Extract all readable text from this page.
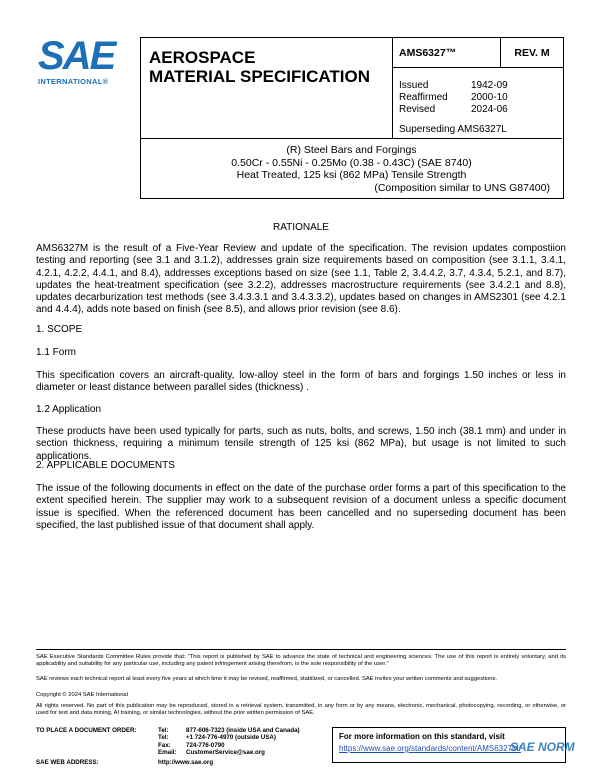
SAE
INTERNATIONAL®
AEROSPACE
MATERIAL SPECIFICATION
AMS6327™	REV. M
Issued	1942-09
Reaffirmed	2000-10
Revised	2024-06
Superseding AMS6327L
(R) Steel Bars and Forgings
0.50Cr - 0.55Ni - 0.25Mo (0.38 - 0.43C) (SAE 8740)
Heat Treated, 125 ksi (862 MPa) Tensile Strength
(Composition similar to UNS G87400)
RATIONALE
AMS6327M is the result of a Five-Year Review and update of the specification. The revision updates compostiion testing and reporting (see 3.1 and 3.1.2), addresses grain size requirements based on composition (see 3.1.1, 3.4.1, 4.2.1, 4.2.2, 4.4.1, and 8.4), addresses exceptions based on size (see 1.1, Table 2, 3.4.4.2, 3.7, 4.3.4, 5.2.1, and 8.7), updates the heat-treatment specification (see 3.2.2), addresses macrostructure requirements (see 3.4.2.1 and 8.8), updates decarburization test methods (see 3.4.3.3.1 and 3.4.3.3.2), updates based on changes in AMS2301 (see 4.2.1 and 4.4.4), adds note based on finish (see 8.5), and allows prior revision (see 8.6).
1. SCOPE
1.1 Form
This specification covers an aircraft-quality, low-alloy steel in the form of bars and forgings 1.50 inches or less in diameter or least distance between parallel sides (thickness) .
1.2 Application
These products have been used typically for parts, such as nuts, bolts, and screws, 1.50 inch (38.1 mm) and under in section thickness, requiring a minimum tensile strength of 125 ksi (862 MPa), but usage is not limited to such applications.
2. APPLICABLE DOCUMENTS
The issue of the following documents in effect on the date of the purchase order forms a part of this specification to the extent specified herein. The supplier may work to a subsequent revision of a document unless a specific document issue is specified. When the referenced document has been cancelled and no superseding document has been specified, the last published issue of that document shall apply.
SAE Executive Standards Committee Rules provide that: “This report is published by SAE to advance the state of technical and engineering sciences. The use of this report is entirely voluntary, and its applicability and suitability for any particular use, including any patent infringement arising therefrom, is the sole responsibility of the user.”
SAE reviews each technical report at least every five years at which time it may be revised, reaffirmed, stabilized, or cancelled. SAE invites your written comments and suggestions.
Copyright © 2024 SAE International
All rights reserved. No part of this publication may be reproduced, stored in a retrieval system, transmitted, in any form or by any means, electronic, mechanical, photocopying, recording, or otherwise, or used for text and data mining, AI training, or similar technologies, without the prior written permission of SAE.
TO PLACE A DOCUMENT ORDER:	Tel:	877-606-7323 (inside USA and Canada)
Tel:	+1 724-776-4970 (outside USA)
Fax:	724-776-0790
Email:	CustomerService@sae.org
SAE WEB ADDRESS:	http://www.sae.org
For more information on this standard, visit
https://www.sae.org/standards/content/AMS6327M/
SAE NORM
